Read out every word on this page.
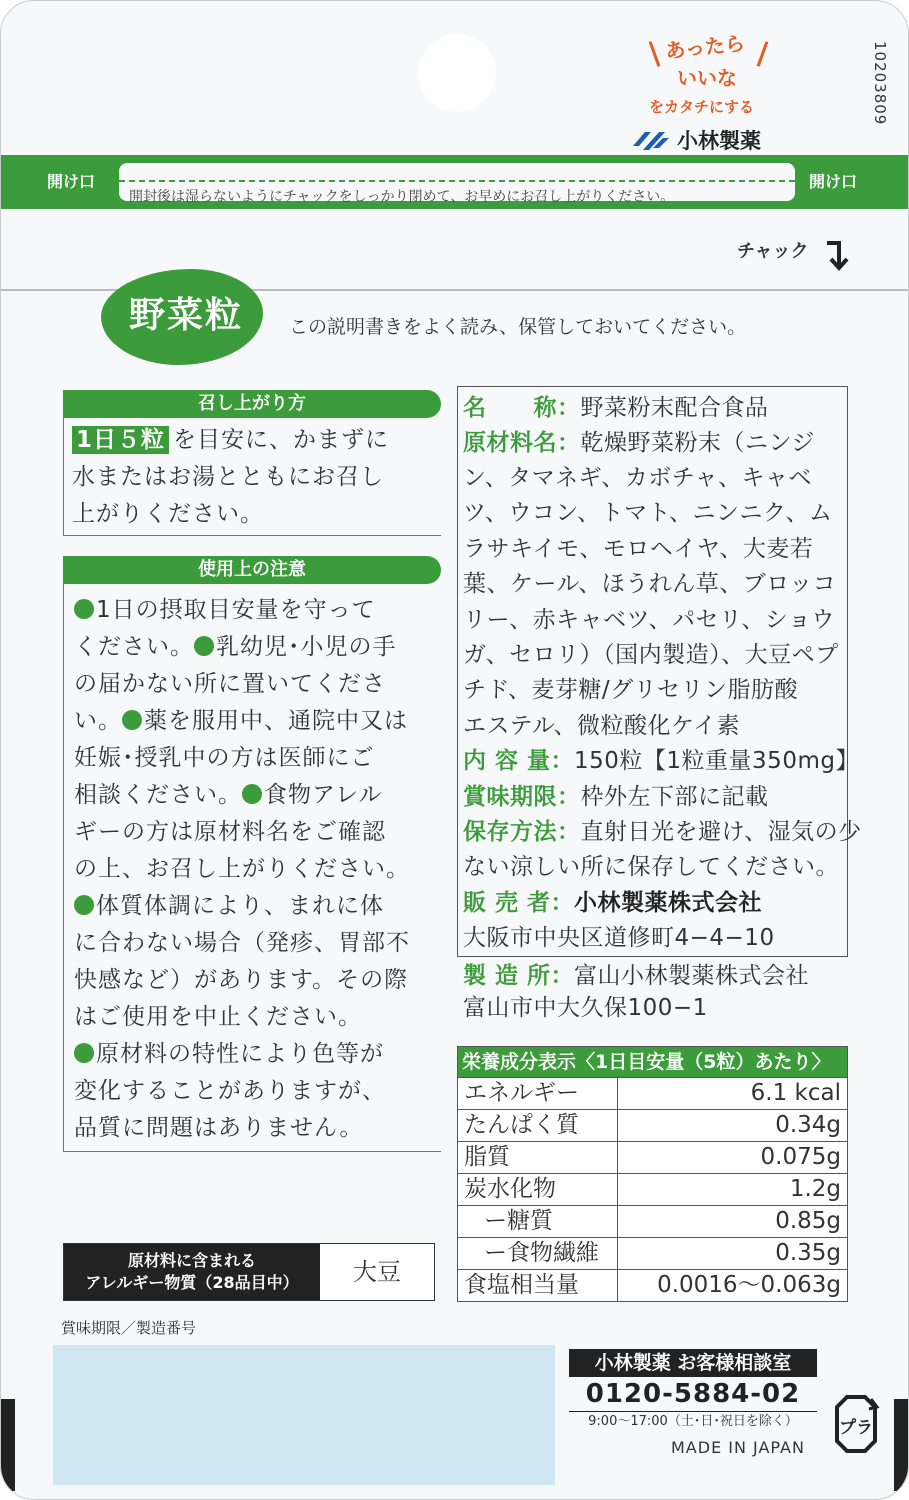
あったら
いいな
をカタチにする
小林製薬
10203809
開け口	開け口
開封後は湿らないようにチャックをしっかり閉めて、お早めにお召し上がりください。
チャック
野菜粒	この説明書きをよく読み、保管しておいてください。
召し上がり方
1日５粒 を目安に、かまずに
水またはお湯とともにお召し
上がりください。
使用上の注意
1日の摂取目安量を守って
ください。 乳幼児･小児の手
の届かない所に置いてくださ
い。 薬を服用中、通院中又は
妊娠･授乳中の方は医師にご
相談ください。 食物アレル
ギーの方は原材料名をご確認
の上、お召し上がりください。
体質体調により、まれに体
に合わない場合（発疹、胃部不
快感など）があります。その際
はご使用を中止ください。
原材料の特性により色等が
変化することがありますが、
品質に問題はありません。
原材料に含まれる
アレルギー物質（28品目中）	大豆
賞味期限／製造番号
名　　称：野菜粉末配合食品
原材料名：乾燥野菜粉末（ニンジ
ン、タマネギ、カボチャ、キャベ
ツ、ウコン、トマト、ニンニク、ム
ラサキイモ、モロヘイヤ、大麦若
葉、ケール、ほうれん草、ブロッコ
リー、赤キャベツ、パセリ、ショウ
ガ、セロリ）（国内製造）、大豆ペプ
チド、麦芽糖/グリセリン脂肪酸
エステル、微粒酸化ケイ素
内 容 量：150粒【1粒重量350mg】
賞味期限：枠外左下部に記載
保存方法：直射日光を避け、湿気の少
ない涼しい所に保存してください。
販 売 者：小林製薬株式会社
大阪市中央区道修町4−4−10
製 造 所：富山小林製薬株式会社
富山市中大久保100−1
栄養成分表示〈1日目安量（5粒）あたり〉
エネルギー	6.1 kcal
たんぱく質	0.34g
脂質	0.075g
炭水化物	1.2g
ー糖質	0.85g
ー食物繊維	0.35g
食塩相当量	0.0016〜0.063g
小林製薬 お客様相談室
0120-5884-02
9:00〜17:00（土･日･祝日を除く）
MADE IN JAPAN
プラ
